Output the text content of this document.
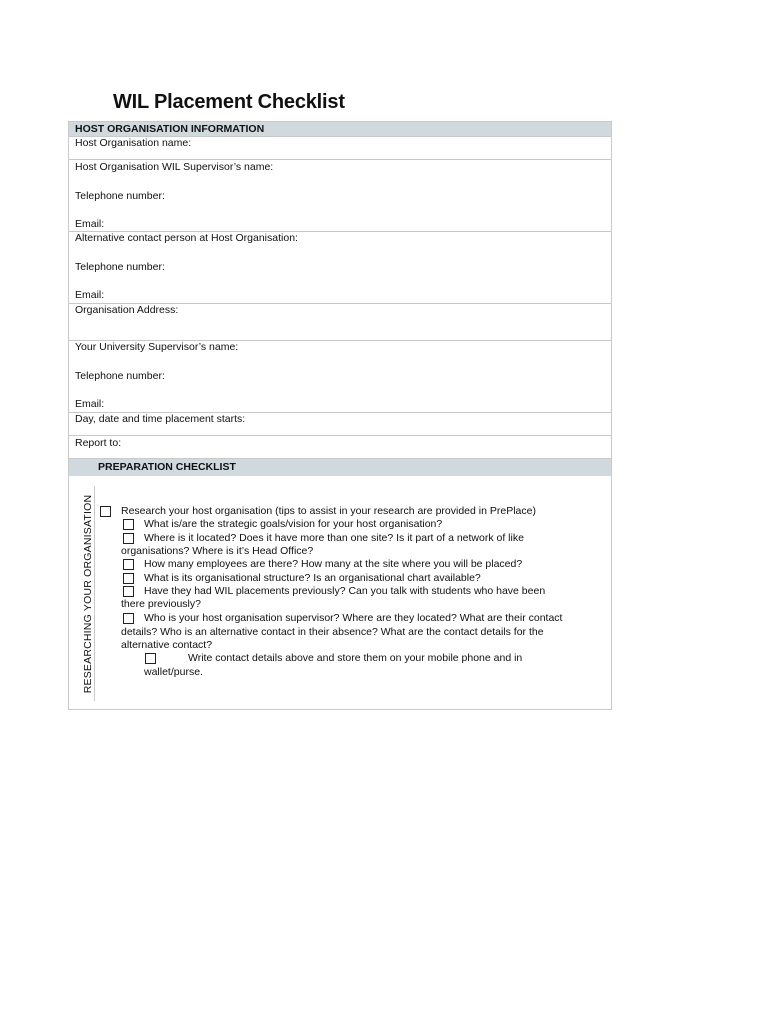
WIL Placement Checklist
HOST ORGANISATION INFORMATION
Host Organisation name:
Host Organisation WIL Supervisor’s name:
Telephone number:
Email:
Alternative contact person at Host Organisation:
Telephone number:
Email:
Organisation Address:
Your University Supervisor’s name:
Telephone number:
Email:
Day, date and time placement starts:
Report to:
PREPARATION CHECKLIST
RESEARCHING YOUR ORGANISATION	Research your host organisation (tips to assist in your research are provided in PrePlace)
What is/are the strategic goals/vision for your host organisation?
Where is it located? Does it have more than one site? Is it part of a network of like
organisations? Where is it’s Head Office?
How many employees are there? How many at the site where you will be placed?
What is its organisational structure? Is an organisational chart available?
Have they had WIL placements previously? Can you talk with students who have been
there previously?
Who is your host organisation supervisor? Where are they located? What are their contact
details? Who is an alternative contact in their absence? What are the contact details for the
alternative contact?
Write contact details above and store them on your mobile phone and in
wallet/purse.
